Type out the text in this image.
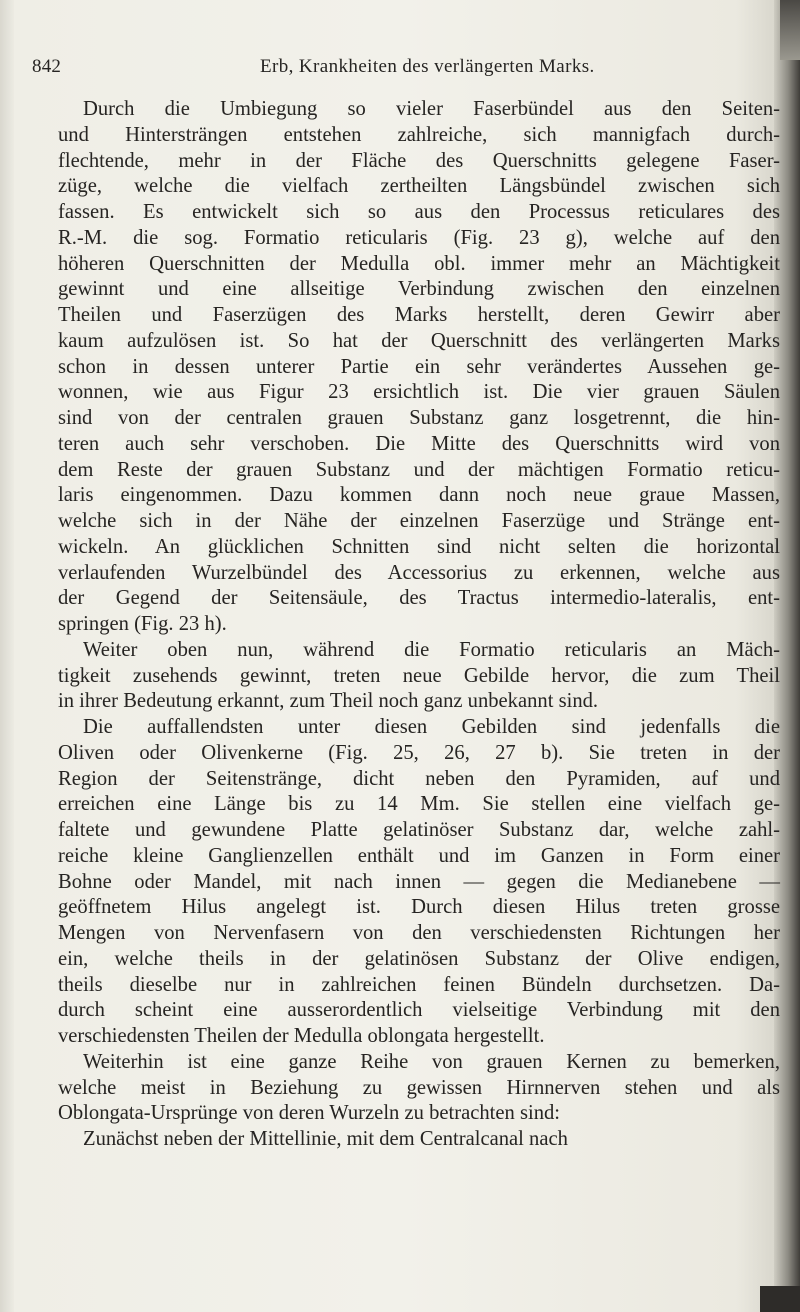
842	Erb, Krankheiten des verlängerten Marks.
Durch die Umbiegung so vieler Faserbündel aus den Seiten-
und Hintersträngen entstehen zahlreiche, sich mannigfach durch-
flechtende, mehr in der Fläche des Querschnitts gelegene Faser-
züge, welche die vielfach zertheilten Längsbündel zwischen sich
fassen. Es entwickelt sich so aus den Processus reticulares des
R.-M. die sog. Formatio reticularis (Fig. 23 g), welche auf den
höheren Querschnitten der Medulla obl. immer mehr an Mächtigkeit
gewinnt und eine allseitige Verbindung zwischen den einzelnen
Theilen und Faserzügen des Marks herstellt, deren Gewirr aber
kaum aufzulösen ist. So hat der Querschnitt des verlängerten Marks
schon in dessen unterer Partie ein sehr verändertes Aussehen ge-
wonnen, wie aus Figur 23 ersichtlich ist. Die vier grauen Säulen
sind von der centralen grauen Substanz ganz losgetrennt, die hin-
teren auch sehr verschoben. Die Mitte des Querschnitts wird von
dem Reste der grauen Substanz und der mächtigen Formatio reticu-
laris eingenommen. Dazu kommen dann noch neue graue Massen,
welche sich in der Nähe der einzelnen Faserzüge und Stränge ent-
wickeln. An glücklichen Schnitten sind nicht selten die horizontal
verlaufenden Wurzelbündel des Accessorius zu erkennen, welche aus
der Gegend der Seitensäule, des Tractus intermedio-lateralis, ent-
springen (Fig. 23 h).
Weiter oben nun, während die Formatio reticularis an Mäch-
tigkeit zusehends gewinnt, treten neue Gebilde hervor, die zum Theil
in ihrer Bedeutung erkannt, zum Theil noch ganz unbekannt sind.
Die auffallendsten unter diesen Gebilden sind jedenfalls die
Oliven oder Olivenkerne (Fig. 25, 26, 27 b). Sie treten in der
Region der Seitenstränge, dicht neben den Pyramiden, auf und
erreichen eine Länge bis zu 14 Mm. Sie stellen eine vielfach ge-
faltete und gewundene Platte gelatinöser Substanz dar, welche zahl-
reiche kleine Ganglienzellen enthält und im Ganzen in Form einer
Bohne oder Mandel, mit nach innen — gegen die Medianebene —
geöffnetem Hilus angelegt ist. Durch diesen Hilus treten grosse
Mengen von Nervenfasern von den verschiedensten Richtungen her
ein, welche theils in der gelatinösen Substanz der Olive endigen,
theils dieselbe nur in zahlreichen feinen Bündeln durchsetzen. Da-
durch scheint eine ausserordentlich vielseitige Verbindung mit den
verschiedensten Theilen der Medulla oblongata hergestellt.
Weiterhin ist eine ganze Reihe von grauen Kernen zu bemerken,
welche meist in Beziehung zu gewissen Hirnnerven stehen und als
Oblongata-Ursprünge von deren Wurzeln zu betrachten sind:
Zunächst neben der Mittellinie, mit dem Centralcanal nach
